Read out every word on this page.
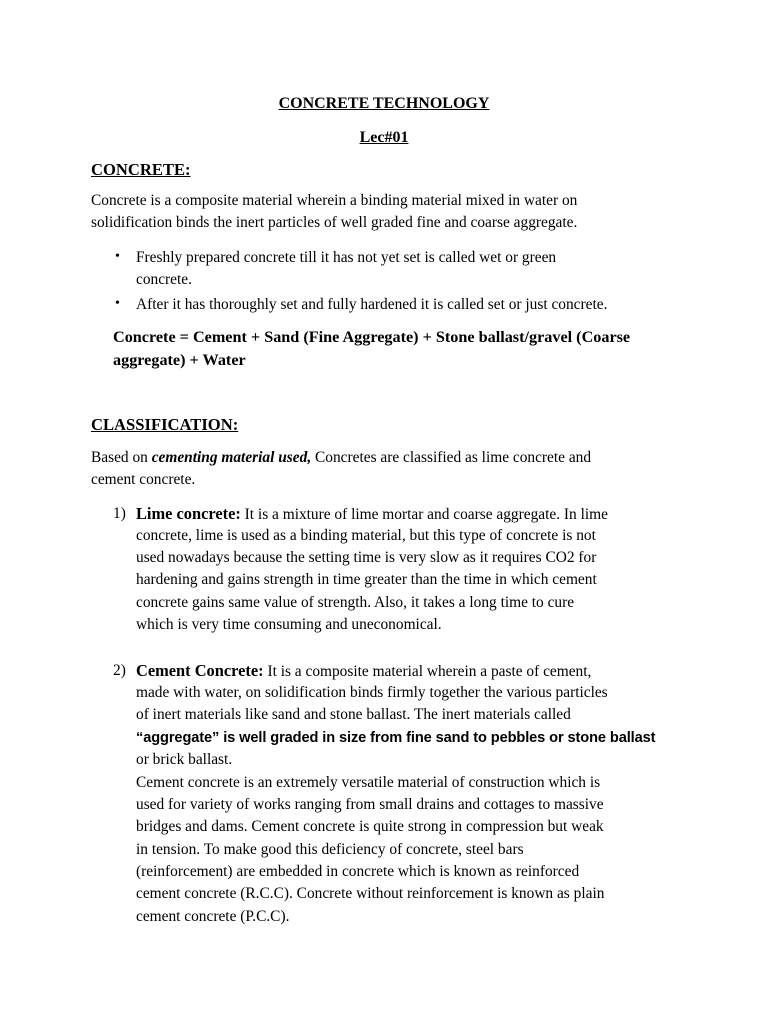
CONCRETE TECHNOLOGY
Lec#01
CONCRETE:
Concrete is a composite material wherein a binding material mixed in water on
solidification binds the inert particles of well graded fine and coarse aggregate.
• Freshly prepared concrete till it has not yet set is called wet or green
concrete.
• After it has thoroughly set and fully hardened it is called set or just concrete.
Concrete = Cement + Sand (Fine Aggregate) + Stone ballast/gravel (Coarse
aggregate) + Water
CLASSIFICATION:
Based on cementing material used, Concretes are classified as lime concrete and
cement concrete.
1) Lime concrete: It is a mixture of lime mortar and coarse aggregate. In lime
concrete, lime is used as a binding material, but this type of concrete is not
used nowadays because the setting time is very slow as it requires CO2 for
hardening and gains strength in time greater than the time in which cement
concrete gains same value of strength. Also, it takes a long time to cure
which is very time consuming and uneconomical.
2) Cement Concrete: It is a composite material wherein a paste of cement,
made with water, on solidification binds firmly together the various particles
of inert materials like sand and stone ballast. The inert materials called
“aggregate” is well graded in size from fine sand to pebbles or stone ballast
or brick ballast.
Cement concrete is an extremely versatile material of construction which is
used for variety of works ranging from small drains and cottages to massive
bridges and dams. Cement concrete is quite strong in compression but weak
in tension. To make good this deficiency of concrete, steel bars
(reinforcement) are embedded in concrete which is known as reinforced
cement concrete (R.C.C). Concrete without reinforcement is known as plain
cement concrete (P.C.C).
